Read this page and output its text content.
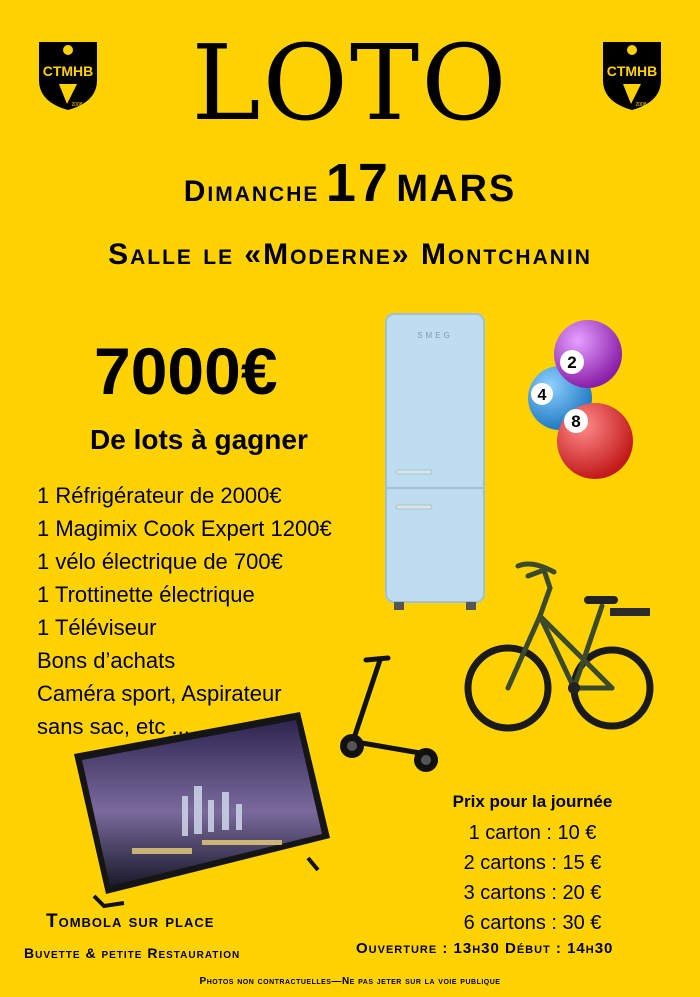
CTMHB
2008
CTMHB
2008
LOTO
Dimanche 17 mars
Salle le «Moderne» Montchanin
7000€
De lots à gagner
1 Réfrigérateur de 2000€
1 Magimix Cook Expert 1200€
1 vélo électrique de 700€
1 Trottinette électrique
1 Téléviseur
Bons d’achats
Caméra sport, Aspirateur
sans sac, etc ...
SMEG
4
2
8
Prix pour la journée
1 carton : 10 €
2 cartons : 15 €
3 cartons : 20 €
6 cartons : 30 €
Tombola sur place
Buvette & petite Restauration	Ouverture : 13h30 Début : 14h30
Photos non contractuelles—Ne pas jeter sur la voie publique
